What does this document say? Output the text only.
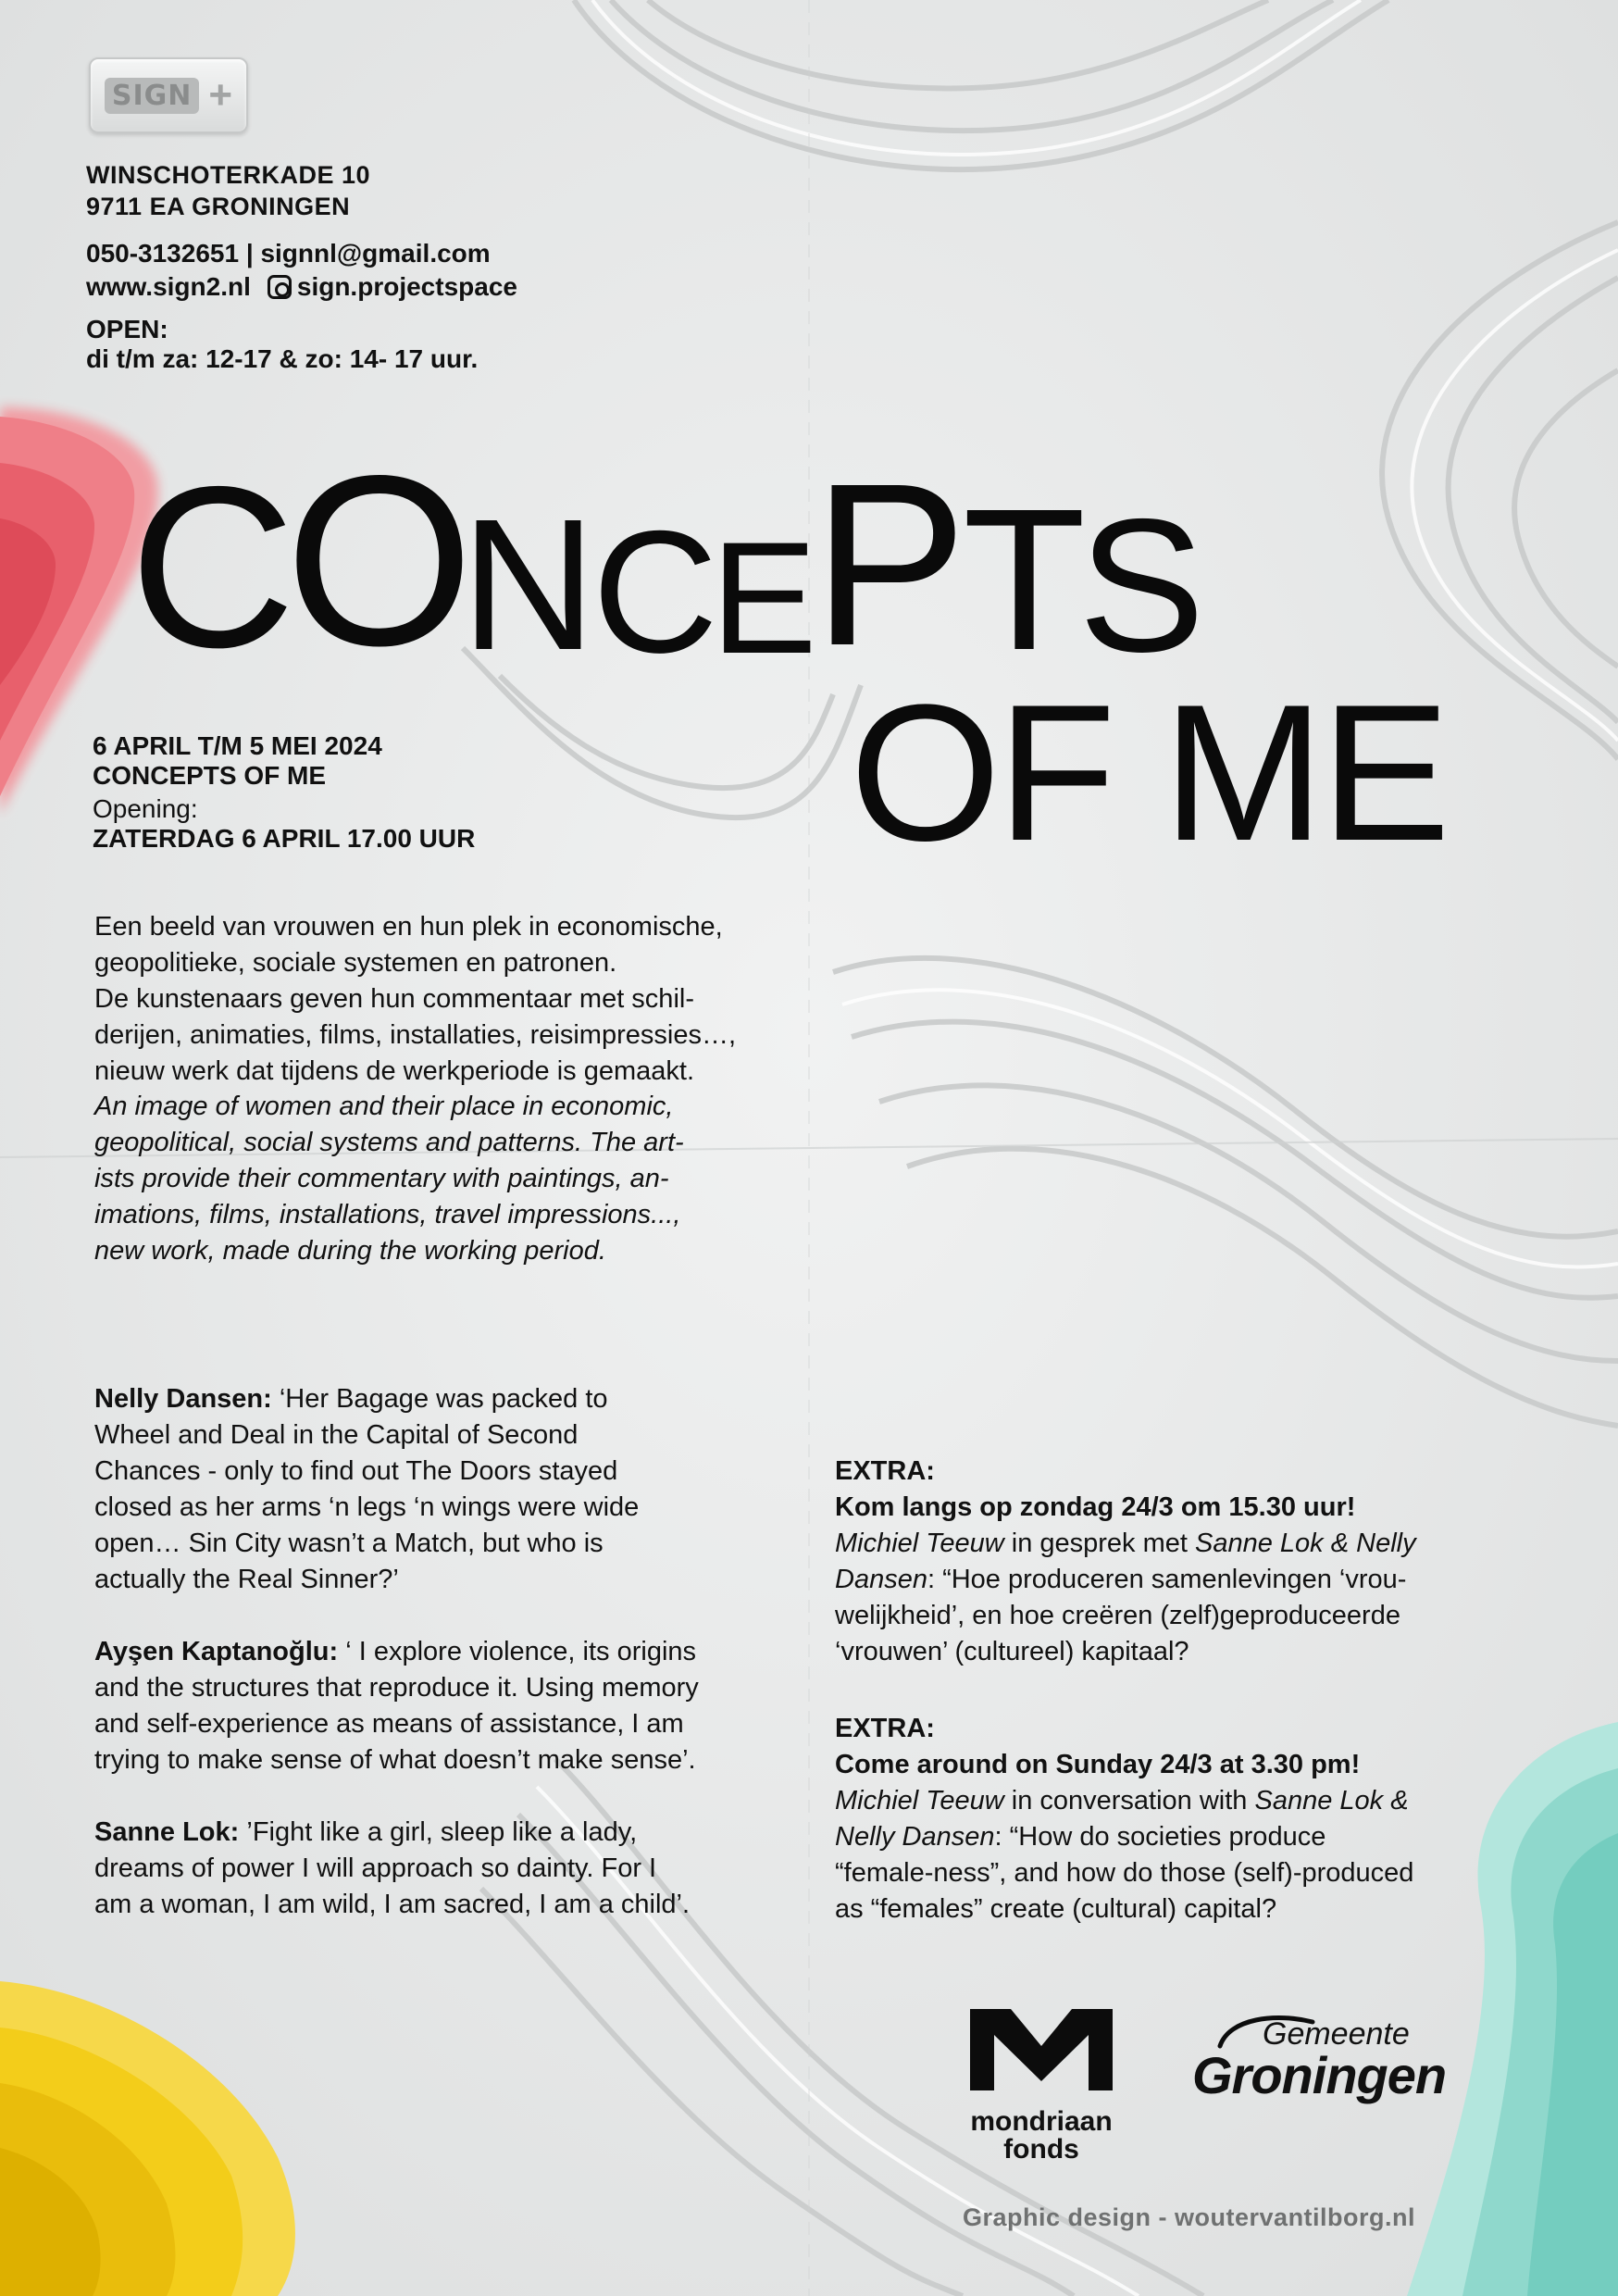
SIGN +
WINSCHOTERKADE 10
9711 EA GRONINGEN
050-3132651 | signnl@gmail.com
www.sign2.nl sign.projectspace
OPEN:
di t/m za: 12-17 & zo: 14- 17 uur.
C
O
N C
E P T
S
OF ME
6 APRIL T/M 5 MEI 2024
CONCEPTS OF ME
Opening:
ZATERDAG 6 APRIL 17.00 UUR
Een beeld van vrouwen en hun plek in economische,
geopolitieke, sociale systemen en patronen.
De kunstenaars geven hun commentaar met schil-
derijen, animaties, films, installaties, reisimpressies…,
nieuw werk dat tijdens de werkperiode is gemaakt.
An image of women and their place in economic,
geopolitical, social systems and patterns. The art-
ists provide their commentary with paintings, an-
imations, films, installations, travel impressions...,
new work, made during the working period.
Nelly Dansen: ‘Her Bagage was packed to
Wheel and Deal in the Capital of Second
Chances - only to find out The Doors stayed
closed as her arms ‘n legs ‘n wings were wide
open… Sin City wasn’t a Match, but who is
actually the Real Sinner?’
Ayşen Kaptanoğlu: ‘ I explore violence, its origins
and the structures that reproduce it. Using memory
and self-experience as means of assistance, I am
trying to make sense of what doesn’t make sense’.
Sanne Lok: ’Fight like a girl, sleep like a lady,
dreams of power I will approach so dainty. For I
am a woman, I am wild, I am sacred, I am a child’.
EXTRA:
Kom langs op zondag 24/3 om 15.30 uur!
Michiel Teeuw in gesprek met Sanne Lok & Nelly
Dansen: “Hoe produceren samenlevingen ‘vrou-
welijkheid’, en hoe creëren (zelf)geproduceerde
‘vrouwen’ (cultureel) kapitaal?
EXTRA:
Come around on Sunday 24/3 at 3.30 pm!
Michiel Teeuw in conversation with Sanne Lok &
Nelly Dansen: “How do societies produce
“female-ness”, and how do those (self)-produced
as “females” create (cultural) capital?
mondriaan
fonds
Gemeente
Groningen
Graphic design - woutervantilborg.nl
